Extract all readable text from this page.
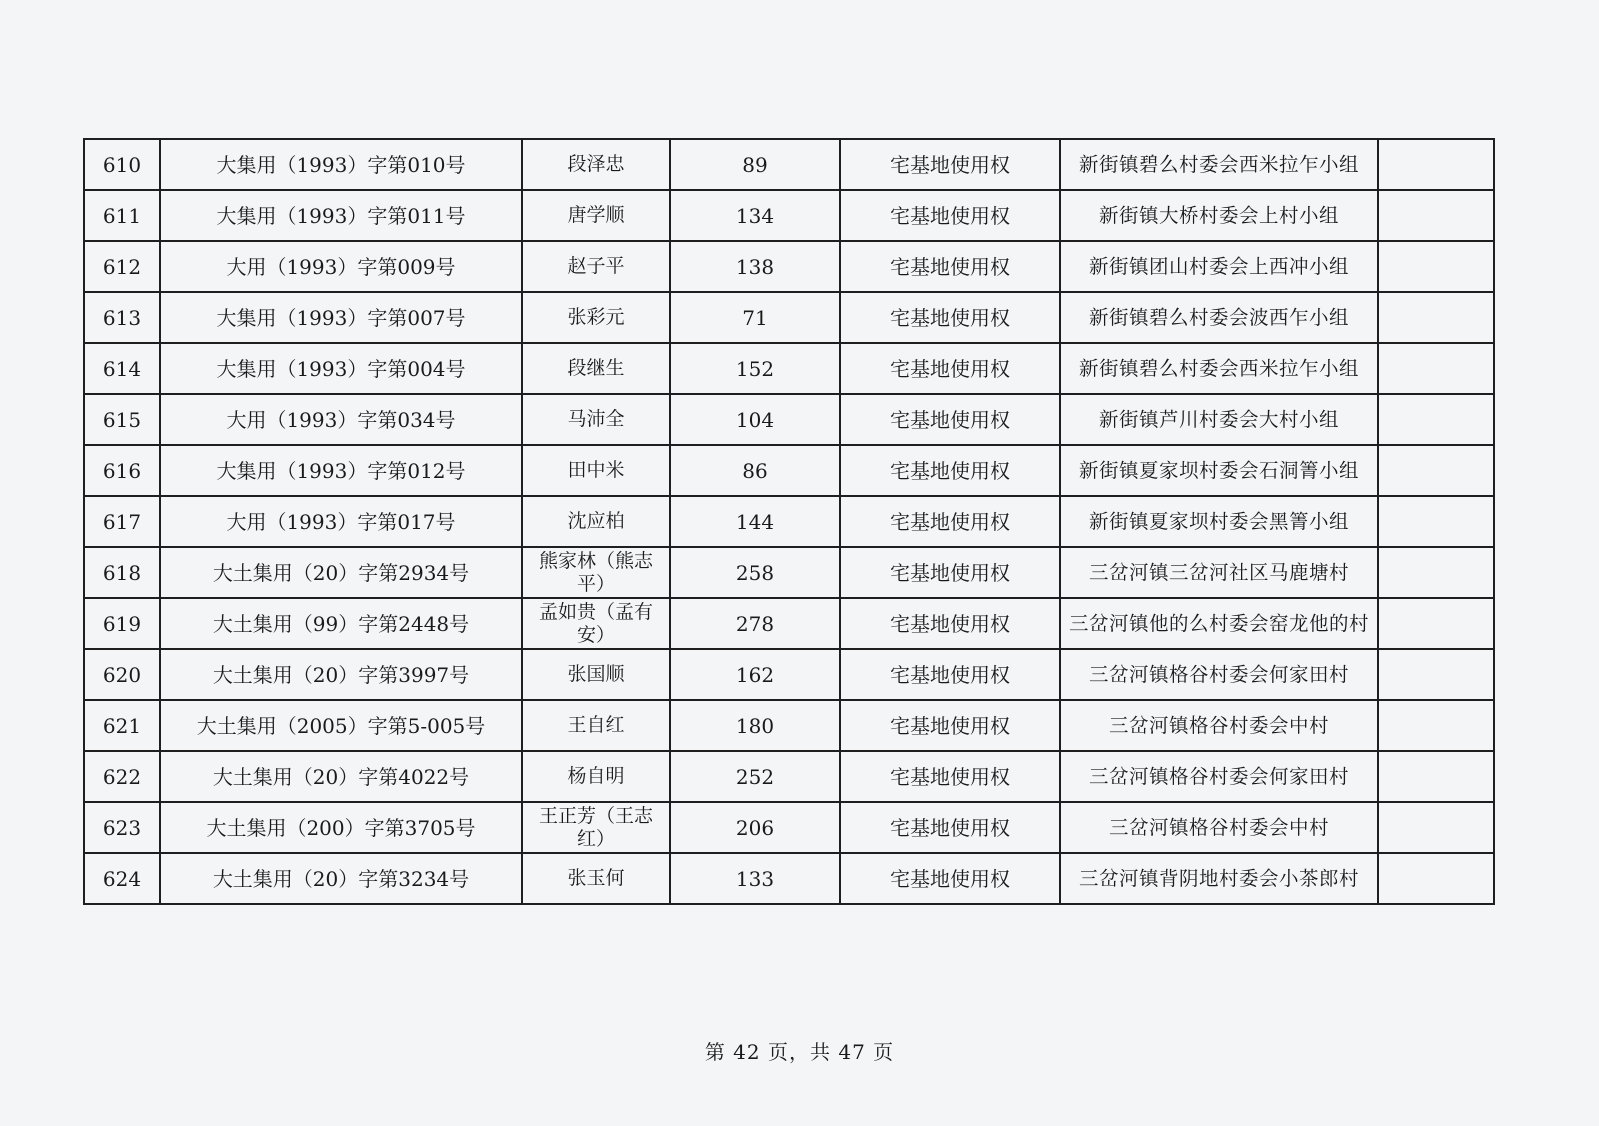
610	大集用（1993）字第010号	段泽忠	89	宅基地使用权	新街镇碧么村委会西米拉乍小组	
611	大集用（1993）字第011号	唐学顺	134	宅基地使用权	新街镇大桥村委会上村小组	
612	大用（1993）字第009号	赵子平	138	宅基地使用权	新街镇团山村委会上西冲小组	
613	大集用（1993）字第007号	张彩元	71	宅基地使用权	新街镇碧么村委会波西乍小组	
614	大集用（1993）字第004号	段继生	152	宅基地使用权	新街镇碧么村委会西米拉乍小组	
615	大用（1993）字第034号	马沛全	104	宅基地使用权	新街镇芦川村委会大村小组	
616	大集用（1993）字第012号	田中米	86	宅基地使用权	新街镇夏家坝村委会石洞箐小组	
617	大用（1993）字第017号	沈应柏	144	宅基地使用权	新街镇夏家坝村委会黑箐小组	
618	大土集用（20）字第2934号	熊家林（熊志平）	258	宅基地使用权	三岔河镇三岔河社区马鹿塘村	
619	大土集用（99）字第2448号	孟如贵（孟有安）	278	宅基地使用权	三岔河镇他的么村委会窑龙他的村	
620	大土集用（20）字第3997号	张国顺	162	宅基地使用权	三岔河镇格谷村委会何家田村	
621	大土集用（2005）字第5-005号	王自红	180	宅基地使用权	三岔河镇格谷村委会中村	
622	大土集用（20）字第4022号	杨自明	252	宅基地使用权	三岔河镇格谷村委会何家田村	
623	大土集用（200）字第3705号	王正芳（王志红）	206	宅基地使用权	三岔河镇格谷村委会中村	
624	大土集用（20）字第3234号	张玉何	133	宅基地使用权	三岔河镇背阴地村委会小茶郎村	
第 42 页，共 47 页
